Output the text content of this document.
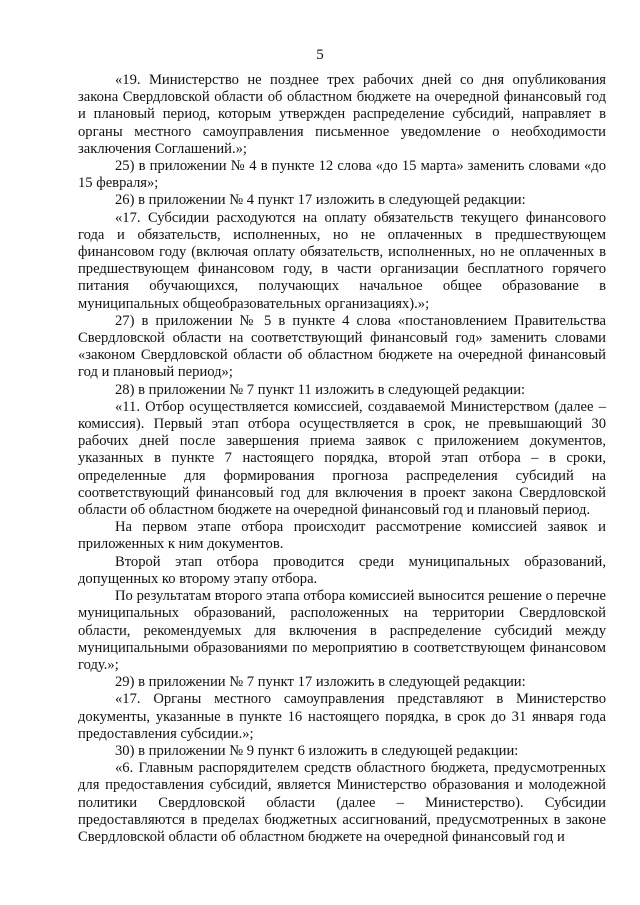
5

«19. Министерство не позднее трех рабочих дней со дня опубликования закона Свердловской области об областном бюджете на очередной финансовый год и плановый период, которым утвержден распределение субсидий, направляет в органы местного самоуправления письменное уведомление о необходимости заключения Соглашений.»;

25) в приложении № 4 в пункте 12 слова «до 15 марта» заменить словами «до 15 февраля»;

26) в приложении № 4 пункт 17 изложить в следующей редакции:

«17. Субсидии расходуются на оплату обязательств текущего финансового года и обязательств, исполненных, но не оплаченных в предшествующем финансовом году (включая оплату обязательств, исполненных, но не оплаченных в предшествующем финансовом году, в части организации бесплатного горячего питания обучающихся, получающих начальное общее образование в муниципальных общеобразовательных организациях).»;

27) в приложении № 5 в пункте 4 слова «постановлением Правительства Свердловской области на соответствующий финансовый год» заменить словами «законом Свердловской области об областном бюджете на очередной финансовый год и плановый период»;

28) в приложении № 7 пункт 11 изложить в следующей редакции:

«11. Отбор осуществляется комиссией, создаваемой Министерством (далее – комиссия). Первый этап отбора осуществляется в срок, не превышающий 30 рабочих дней после завершения приема заявок с приложением документов, указанных в пункте 7 настоящего порядка, второй этап отбора – в сроки, определенные для формирования прогноза распределения субсидий на соответствующий финансовый год для включения в проект закона Свердловской области об областном бюджете на очередной финансовый год и плановый период.

На первом этапе отбора происходит рассмотрение комиссией заявок и приложенных к ним документов.

Второй этап отбора проводится среди муниципальных образований, допущенных ко второму этапу отбора.

По результатам второго этапа отбора комиссией выносится решение о перечне муниципальных образований, расположенных на территории Свердловской области, рекомендуемых для включения в распределение субсидий между муниципальными образованиями по мероприятию в соответствующем финансовом году.»;

29) в приложении № 7 пункт 17 изложить в следующей редакции:

«17. Органы местного самоуправления представляют в Министерство документы, указанные в пункте 16 настоящего порядка, в срок до 31 января года предоставления субсидии.»;

30) в приложении № 9 пункт 6 изложить в следующей редакции:

«6. Главным распорядителем средств областного бюджета, предусмотренных для предоставления субсидий, является Министерство образования и молодежной политики Свердловской области (далее – Министерство). Субсидии предоставляются в пределах бюджетных ассигнований, предусмотренных в законе Свердловской области об областном бюджете на очередной финансовый год и
